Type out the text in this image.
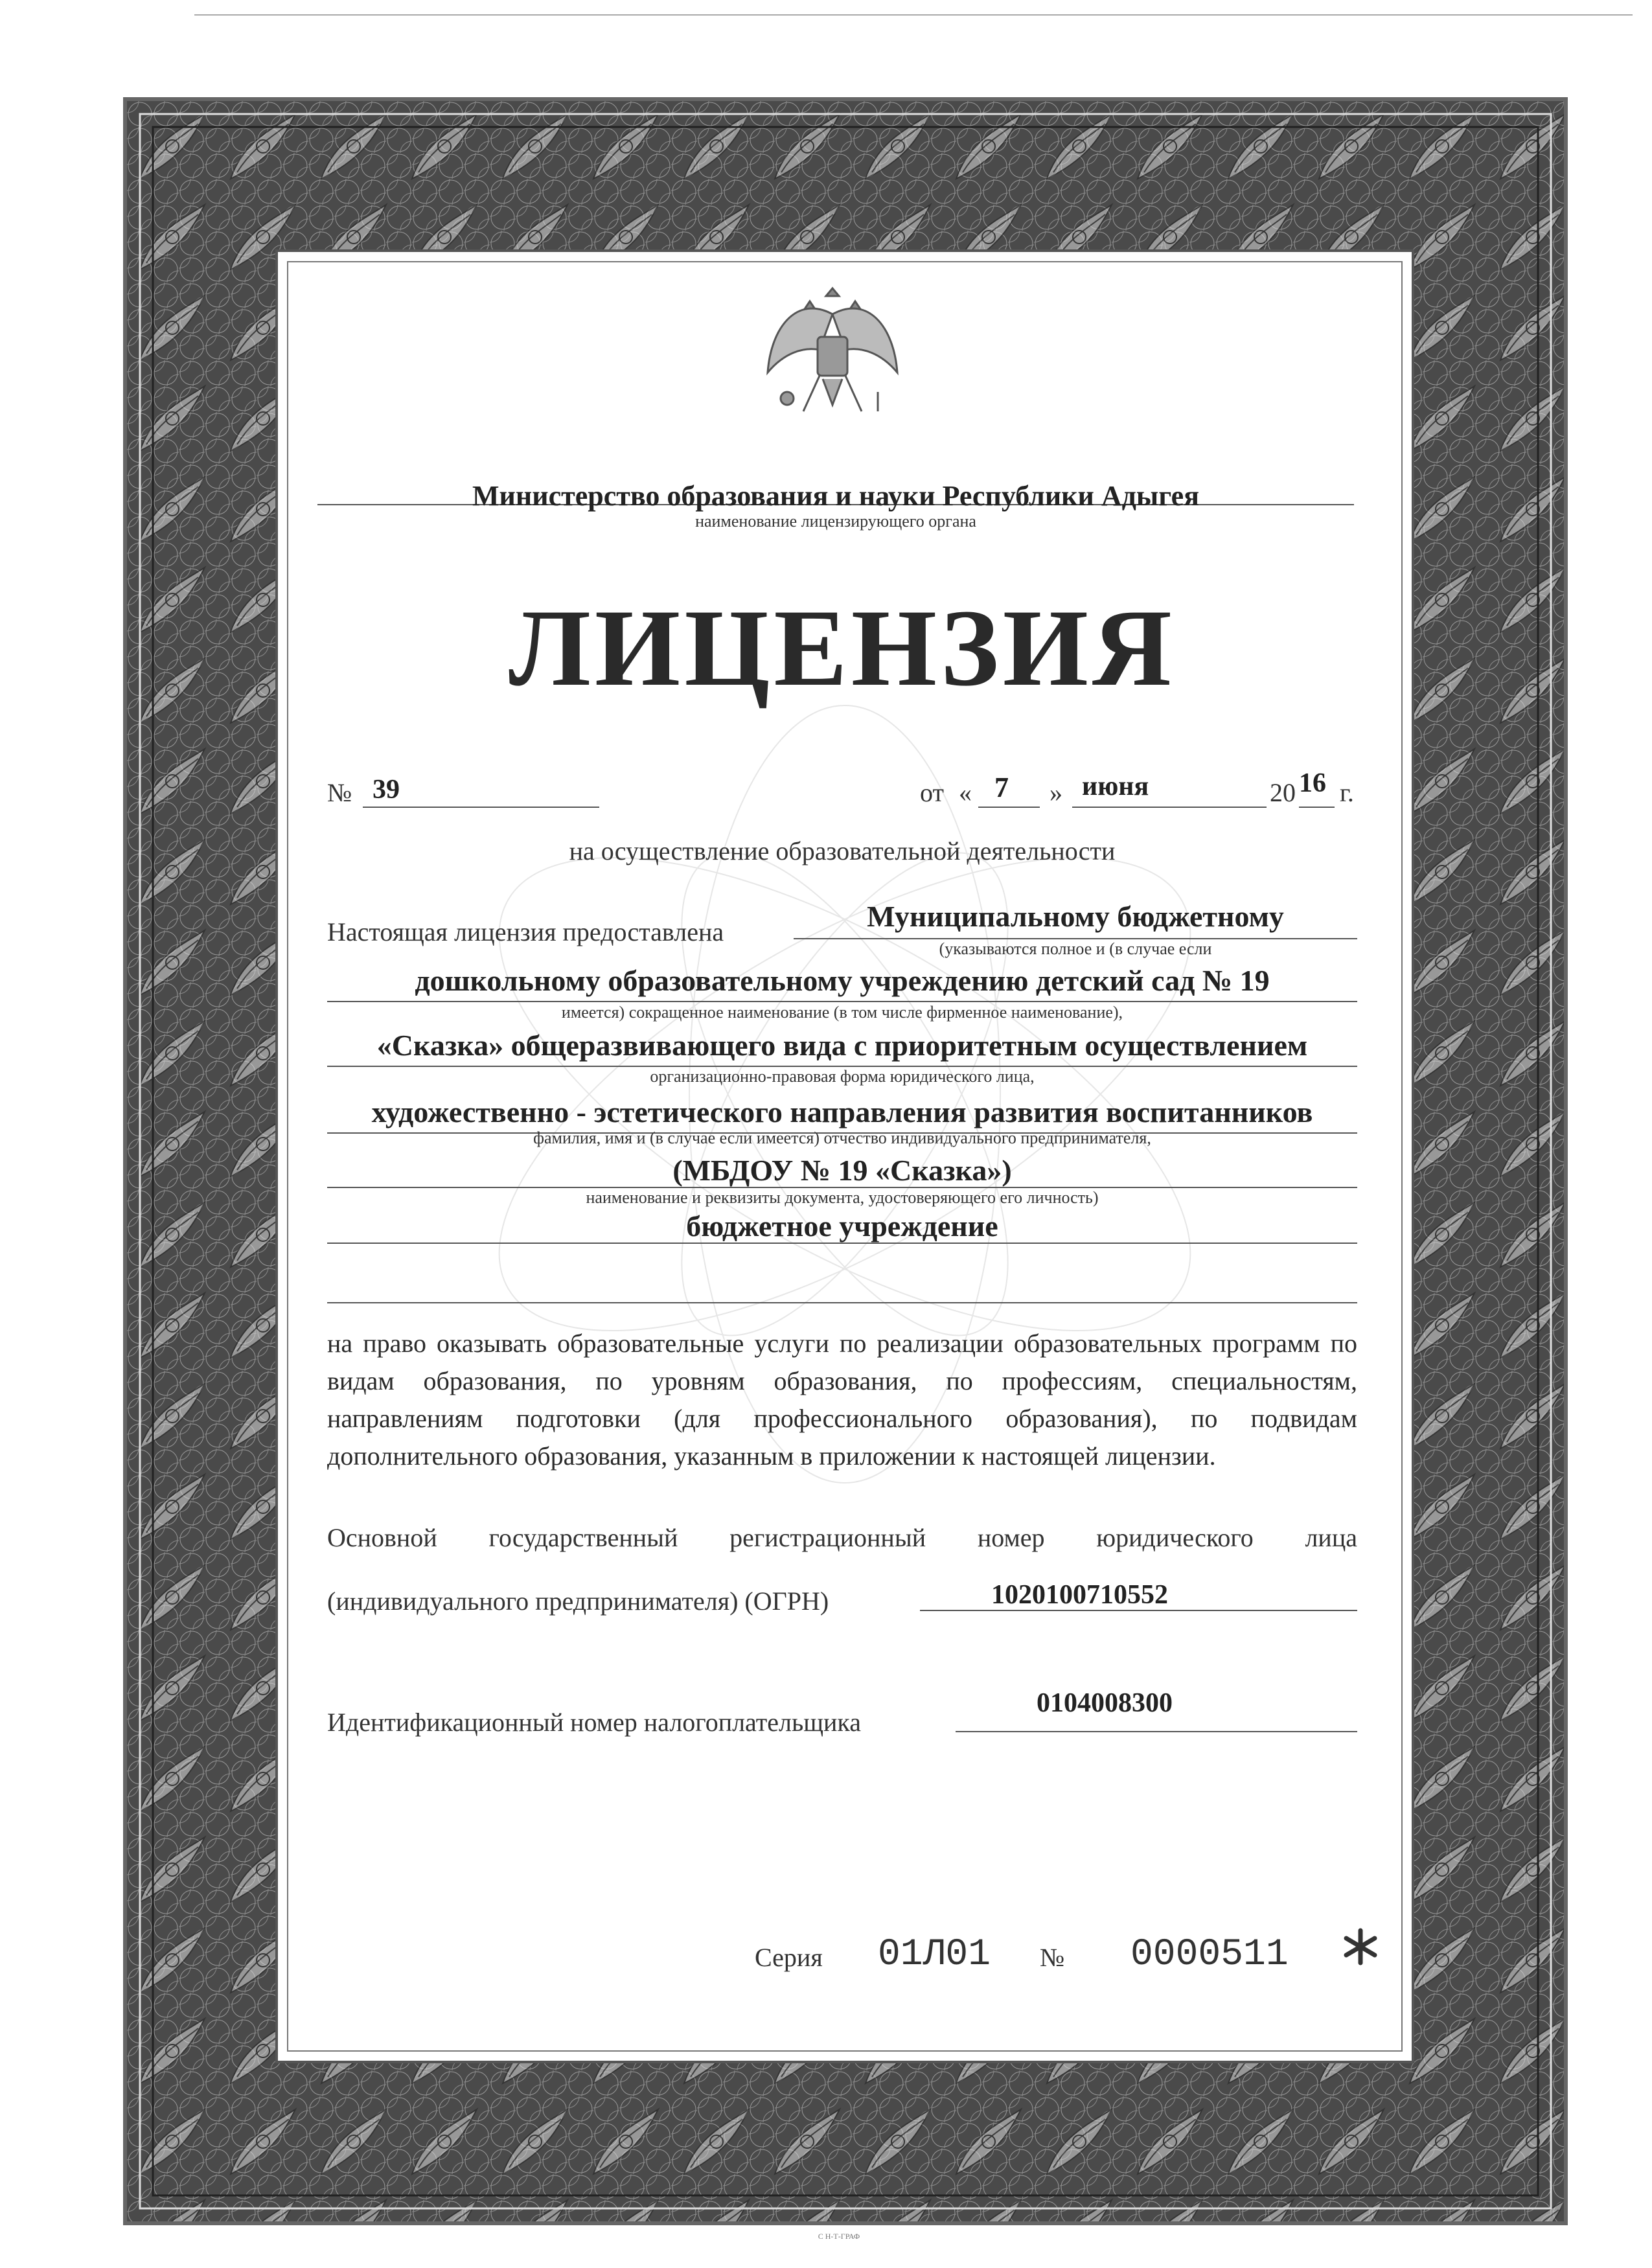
Министерство образования и науки Республики Адыгея
наименование лицензирующего органа
ЛИЦЕНЗИЯ
№ 39	от « 7 » июня	20 16 г.
на осуществление образовательной деятельности
Настоящая лицензия предоставлена	Муниципальному бюджетному
(указываются полное и (в случае если
дошкольному образовательному учреждению детский сад № 19
имеется) сокращенное наименование (в том числе фирменное наименование),
«Сказка» общеразвивающего вида с приоритетным осуществлением
организационно-правовая форма юридического лица,
художественно - эстетического направления развития воспитанников
фамилия, имя и (в случае если имеется) отчество индивидуального предпринимателя,
(МБДОУ № 19 «Сказка»)
наименование и реквизиты документа, удостоверяющего его личность)
бюджетное учреждение
на право оказывать образовательные услуги по реализации образовательных программ по видам образования, по уровням образования, по профессиям, специальностям, направлениям подготовки (для профессионального образования), по подвидам дополнительного образования, указанным в приложении к настоящей лицензии.
Основной государственный регистрационный номер юридического лица
(индивидуального предпринимателя) (ОГРН)	1020100710552
Идентификационный номер налогоплательщика
0104008300
Серия 01Л01 № 0000511
С Н-Т-ГРАФ
